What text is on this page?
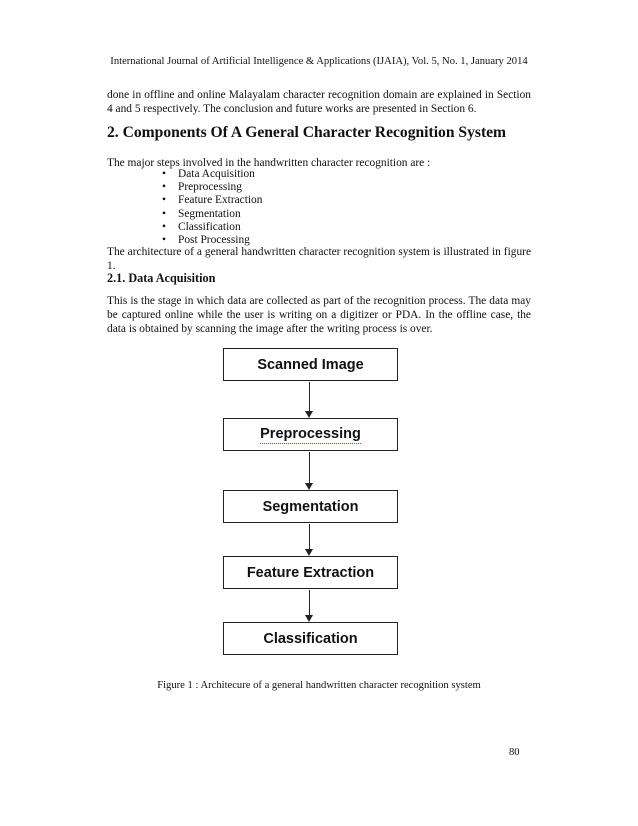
International Journal of Artificial Intelligence & Applications (IJAIA), Vol. 5, No. 1, January 2014

done in offline and online Malayalam character recognition domain are explained in Section 4 and 5 respectively. The conclusion and future works are presented in Section 6.

2. Components Of A General Character Recognition System

The major steps involved in the handwritten character recognition are :

• Data Acquisition
• Preprocessing
• Feature Extraction
• Segmentation
• Classification
• Post Processing

The architecture of a general handwritten character recognition system is illustrated in figure 1.

2.1. Data Acquisition

This is the stage in which data are collected as part of the recognition process. The data may be captured online while the user is writing on a digitizer or PDA. In the offline case, the data is obtained by scanning the image after the writing process is over.

Scanned Image
Preprocessing
Segmentation
Feature Extraction
Classification
Figure 1 : Architecure of a general handwritten character recognition system
80
